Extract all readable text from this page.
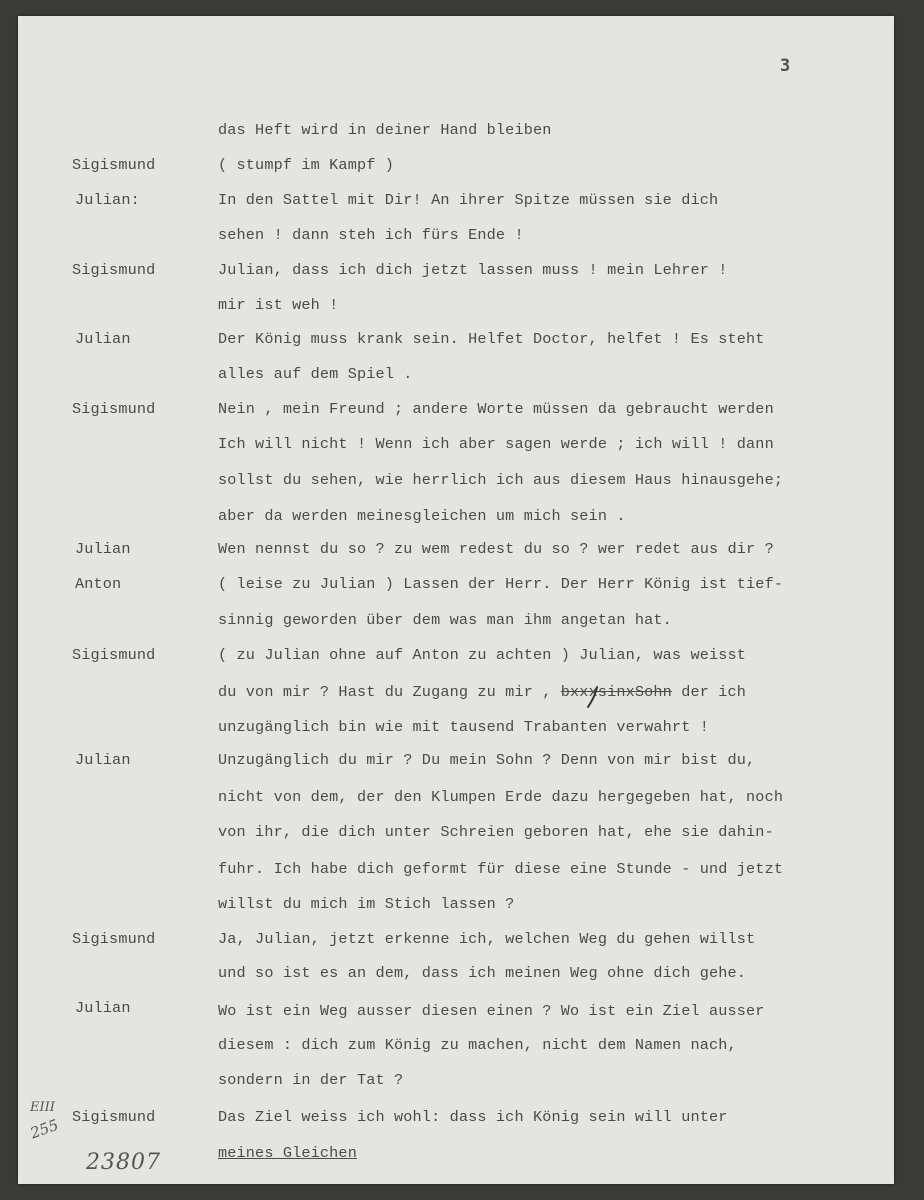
3
das Heft wird in deiner Hand bleiben
Sigismund	( stumpf im Kampf )
Julian:	In den Sattel mit Dir! An ihrer Spitze müssen sie dich
sehen ! dann steh ich fürs Ende !
Sigismund	Julian, dass ich dich jetzt lassen muss ! mein Lehrer !
mir ist weh !
Julian	Der König muss krank sein. Helfet Doctor, helfet ! Es steht
alles auf dem Spiel .
Sigismund	Nein , mein Freund ; andere Worte müssen da gebraucht werden
Ich will nicht ! Wenn ich aber sagen werde ; ich will ! dann
sollst du sehen, wie herrlich ich aus diesem Haus hinausgehe;
aber da werden meinesgleichen um mich sein .
Julian	Wen nennst du so ? zu wem redest du so ? wer redet aus dir ?
Anton	( leise zu Julian ) Lassen der Herr. Der Herr König ist tief-
sinnig geworden über dem was man ihm angetan hat.
Sigismund	( zu Julian ohne auf Anton zu achten ) Julian, was weisst
du von mir ? Hast du Zugang zu mir , bxxxsinxSohn der ich
unzugänglich bin wie mit tausend Trabanten verwahrt !
Julian	Unzugänglich du mir ? Du mein Sohn ? Denn von mir bist du,
nicht von dem, der den Klumpen Erde dazu hergegeben hat, noch
von ihr, die dich unter Schreien geboren hat, ehe sie dahin-
fuhr. Ich habe dich geformt für diese eine Stunde - und jetzt
willst du mich im Stich lassen ?
Sigismund	Ja, Julian, jetzt erkenne ich, welchen Weg du gehen willst
und so ist es an dem, dass ich meinen Weg ohne dich gehe.
Julian	Wo ist ein Weg ausser diesen einen ? Wo ist ein Ziel ausser
diesem : dich zum König zu machen, nicht dem Namen nach,
sondern in der Tat ?
Sigismund	Das Ziel weiss ich wohl: dass ich König sein will unter
meines Gleichen
EIII
255
23807
